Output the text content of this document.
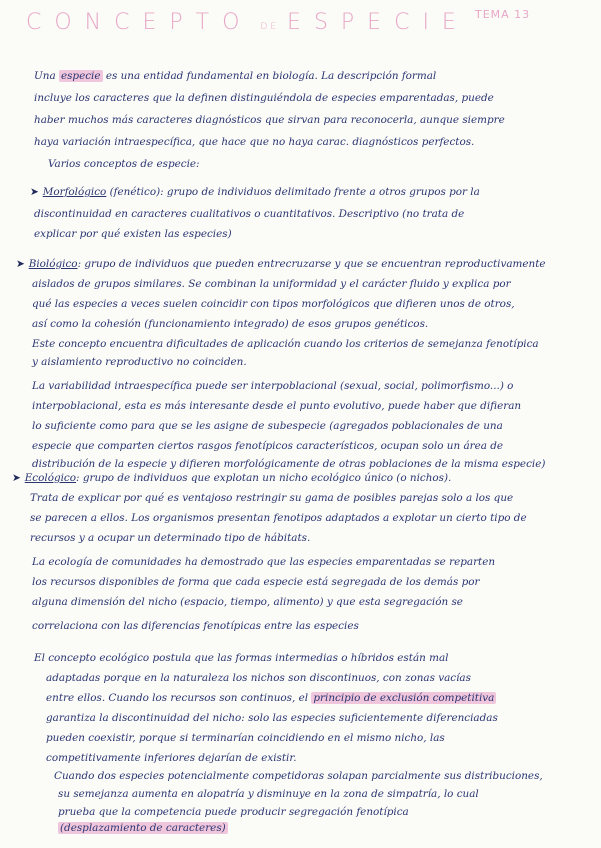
CONCEPTO DE ESPECIE TEMA 13
Una especie es una entidad fundamental en biología. La descripción formal
incluye los caracteres que la definen distinguiéndola de especies emparentadas, puede
haber muchos más caracteres diagnósticos que sirvan para reconocerla, aunque siempre
haya variación intraespecífica, que hace que no haya carac. diagnósticos perfectos.
Varios conceptos de especie:
➤ Morfológico (fenético): grupo de individuos delimitado frente a otros grupos por la
discontinuidad en caracteres cualitativos o cuantitativos. Descriptivo (no trata de
explicar por qué existen las especies)
➤ Biológico: grupo de individuos que pueden entrecruzarse y que se encuentran reproductivamente
aislados de grupos similares. Se combinan la uniformidad y el carácter fluido y explica por
qué las especies a veces suelen coincidir con tipos morfológicos que difieren unos de otros,
así como la cohesión (funcionamiento integrado) de esos grupos genéticos.
Este concepto encuentra dificultades de aplicación cuando los criterios de semejanza fenotípica
y aislamiento reproductivo no coinciden.
La variabilidad intraespecífica puede ser interpoblacional (sexual, social, polimorfismo...) o
interpoblacional, esta es más interesante desde el punto evolutivo, puede haber que difieran
lo suficiente como para que se les asigne de subespecie (agregados poblacionales de una
especie que comparten ciertos rasgos fenotípicos característicos, ocupan solo un área de
distribución de la especie y difieren morfológicamente de otras poblaciones de la misma especie)
➤ Ecológico: grupo de individuos que explotan un nicho ecológico único (o nichos).
Trata de explicar por qué es ventajoso restringir su gama de posibles parejas solo a los que
se parecen a ellos. Los organismos presentan fenotipos adaptados a explotar un cierto tipo de
recursos y a ocupar un determinado tipo de hábitats.
La ecología de comunidades ha demostrado que las especies emparentadas se reparten
los recursos disponibles de forma que cada especie está segregada de los demás por
alguna dimensión del nicho (espacio, tiempo, alimento) y que esta segregación se
correlaciona con las diferencias fenotípicas entre las especies
El concepto ecológico postula que las formas intermedias o híbridos están mal
adaptadas porque en la naturaleza los nichos son discontinuos, con zonas vacías
entre ellos. Cuando los recursos son continuos, el principio de exclusión competitiva
garantiza la discontinuidad del nicho: solo las especies suficientemente diferenciadas
pueden coexistir, porque si terminarían coincidiendo en el mismo nicho, las
competitivamente inferiores dejarían de existir.
Cuando dos especies potencialmente competidoras solapan parcialmente sus distribuciones,
su semejanza aumenta en alopatría y disminuye en la zona de simpatría, lo cual
prueba que la competencia puede producir segregación fenotípica
(desplazamiento de caracteres)
